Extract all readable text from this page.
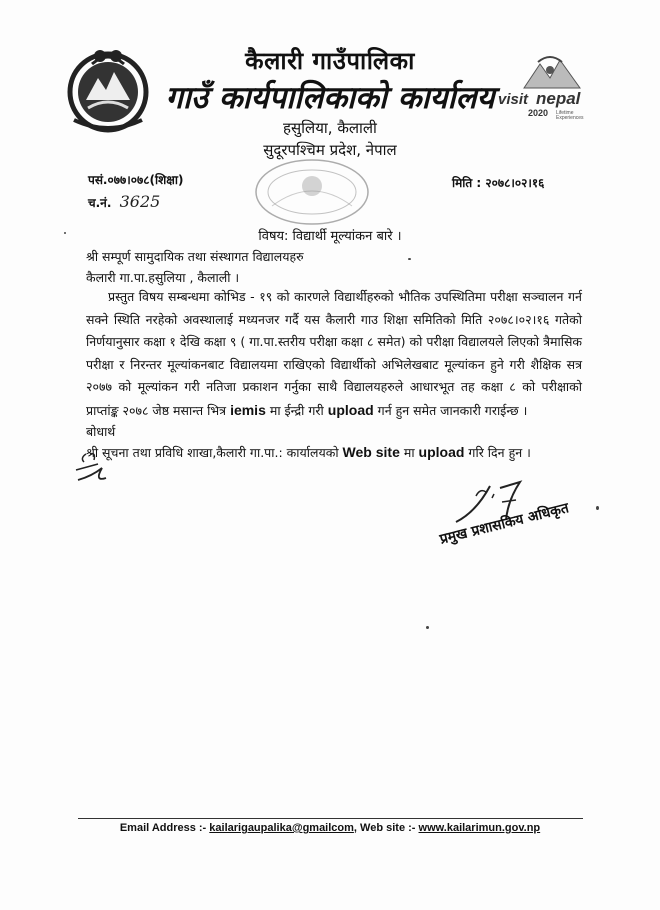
कैलारी गाउँपालिका
गाउँ कार्यपालिकाको कार्यालय
हसुलिया, कैलाली
सुदूरपश्चिम प्रदेश, नेपाल
visit nepal
2020 Lifetime
Experiences
पसं.०७७।०७८(शिक्षा)
च.नं. 3625
मिति : २०७८।०२।१६
विषय: विद्यार्थी मूल्यांकन बारे ।
श्री सम्पूर्ण सामुदायिक तथा संस्थागत विद्यालयहरु
कैलारी गा.पा.हसुलिया , कैलाली ।
प्रस्तुत विषय सम्बन्धमा कोभिड - १९ को कारणले विद्यार्थीहरुको भौतिक उपस्थितिमा परीक्षा सञ्चालन गर्न सक्ने स्थिति नरहेको अवस्थालाई मध्यनजर गर्दै यस कैलारी गाउ शिक्षा समितिको मिति २०७८।०२।१६ गतेको निर्णयानुसार कक्षा १ देखि कक्षा ९ ( गा.पा.स्तरीय परीक्षा कक्षा ८ समेत) को परीक्षा विद्यालयले लिएको त्रैमासिक परीक्षा र निरन्तर मूल्यांकनबाट विद्यालयमा राखिएको विद्यार्थीको अभिलेखबाट मूल्यांकन हुने गरी शैक्षिक सत्र २०७७ को मूल्यांकन गरी नतिजा प्रकाशन गर्नुका साथै विद्यालयहरुले आधारभूत तह कक्षा ८ को परीक्षाको प्राप्तांङ्क २०७८ जेष्ठ मसान्त भित्र iemis मा ईन्द्री गरी upload गर्न हुन समेत जानकारी गराईन्छ ।
बोधार्थ
श्री सूचना तथा प्रविधि शाखा,कैलारी गा.पा.: कार्यालयको Web site मा upload गरि दिन हुन ।
प्रमुख प्रशासकिय अधिकृत
Email Address :- kailarigaupalika@gmailcom, Web site :- www.kailarimun.gov.np
